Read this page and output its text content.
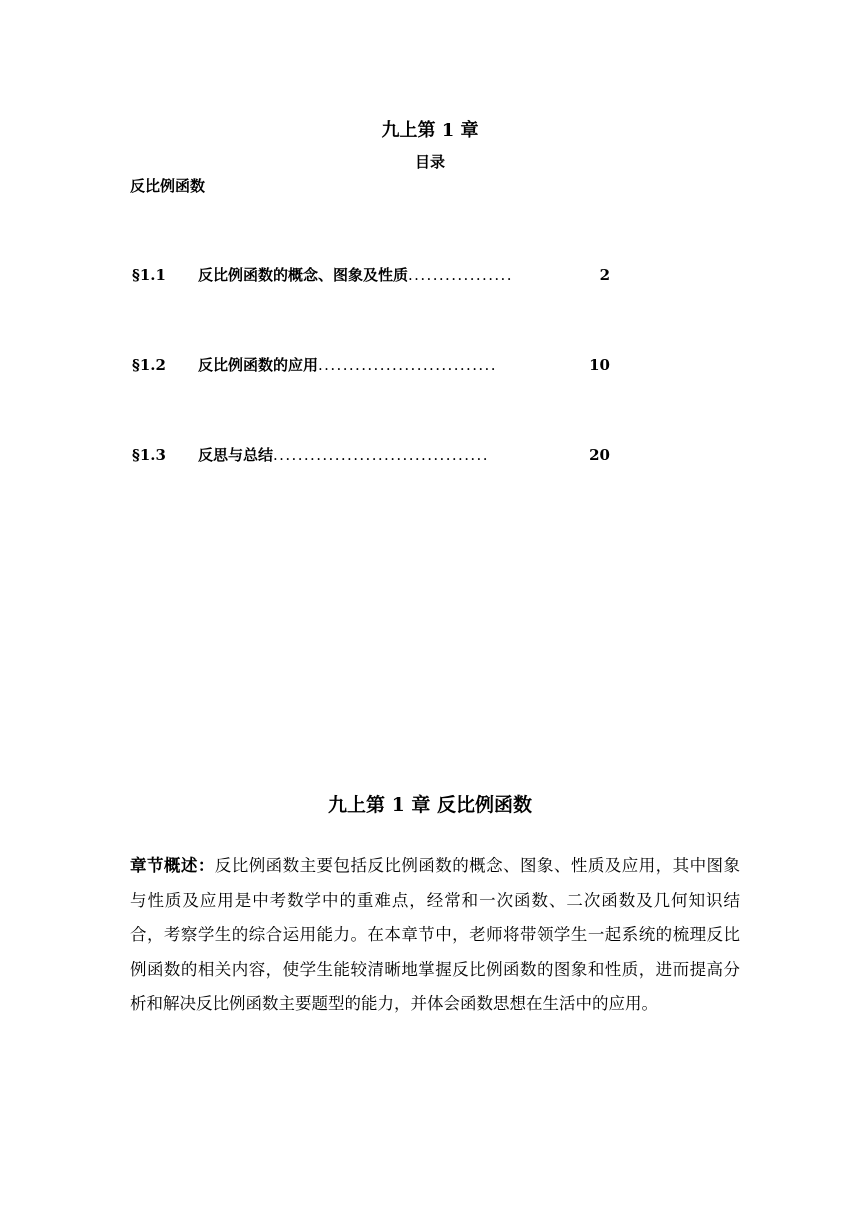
九上第 1 章
目录
反比例函数
§1.1	反比例函数的概念、图象及性质 .................	2
§1.2	反比例函数的应用 .............................	10
§1.3	反思与总结 ...................................	20
九上第 1 章 反比例函数
章节概述：反比例函数主要包括反比例函数的概念、图象、性质及应用，其中图象与性质及应用是中考数学中的重难点，经常和一次函数、二次函数及几何知识结合，考察学生的综合运用能力。在本章节中，老师将带领学生一起系统的梳理反比例函数的相关内容，使学生能较清晰地掌握反比例函数的图象和性质，进而提高分析和解决反比例函数主要题型的能力，并体会函数思想在生活中的应用。
